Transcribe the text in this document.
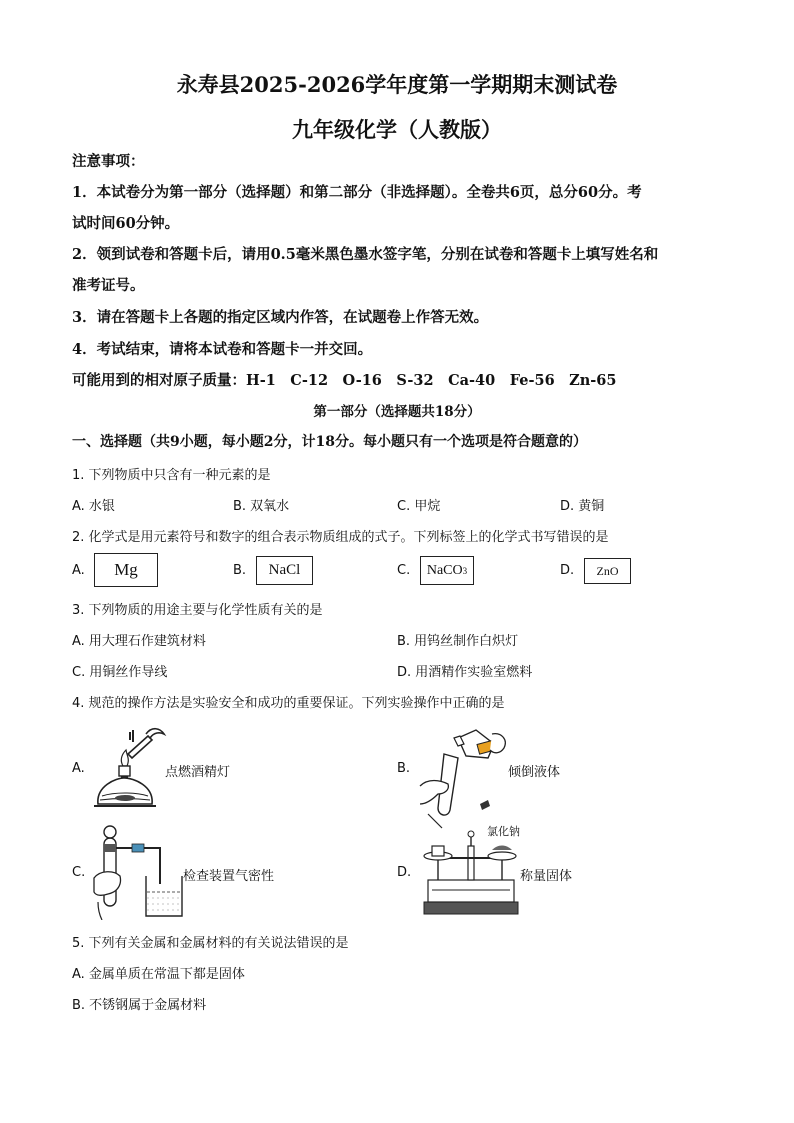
永寿县2025-2026学年度第一学期期末测试卷
九年级化学（人教版）
注意事项：
1．本试卷分为第一部分（选择题）和第二部分（非选择题）。全卷共6页，总分60分。考
试时间60分钟。
2．领到试卷和答题卡后，请用0.5毫米黑色墨水签字笔，分别在试卷和答题卡上填写姓名和
准考证号。
3．请在答题卡上各题的指定区域内作答，在试题卷上作答无效。
4．考试结束，请将本试卷和答题卡一并交回。
可能用到的相对原子质量：H-1　C-12　O-16　S-32　Ca-40　Fe-56　Zn-65
第一部分（选择题共18分）
一、选择题（共9小题，每小题2分，计18分。每小题只有一个选项是符合题意的）
1. 下列物质中只含有一种元素的是
A. 水银	B. 双氧水	C. 甲烷	D. 黄铜
2. 化学式是用元素符号和数字的组合表示物质组成的式子。下列标签上的化学式书写错误的是
A. Mg	B. NaCl	C. NaCO 3	D. ZnO
3. 下列物质的用途主要与化学性质有关的是
A. 用大理石作建筑材料	B. 用钨丝制作白炽灯
C. 用铜丝作导线	D. 用酒精作实验室燃料
4. 规范的操作方法是实验安全和成功的重要保证。下列实验操作中正确的是
A.	点燃酒精灯	B.	倾倒液体
C.	检查装置气密性	D.
氯化钠
称量固体
5. 下列有关金属和金属材料的有关说法错误的是
A. 金属单质在常温下都是固体
B. 不锈钢属于金属材料
